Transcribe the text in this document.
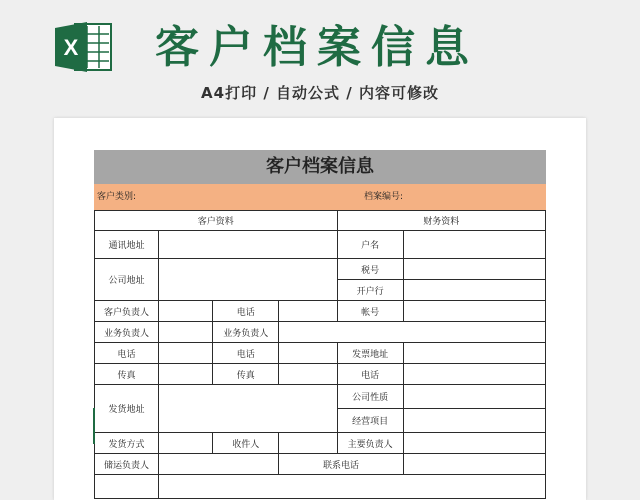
X 客户档案信息
A4打印 / 自动公式 / 内容可修改
客户档案信息
客户类别:	档案编号:
客户资料				财务资料	
通讯地址				户名	
公司地址				税号	
				开户行	
客户负责人		电话		帐号	
业务负责人		业务负责人			
电话		电话		发票地址	
传真		传真		电话	
发货地址				公司性质	
				经营项目	
发货方式		收件人		主要负责人	
储运负责人			联系电话		
